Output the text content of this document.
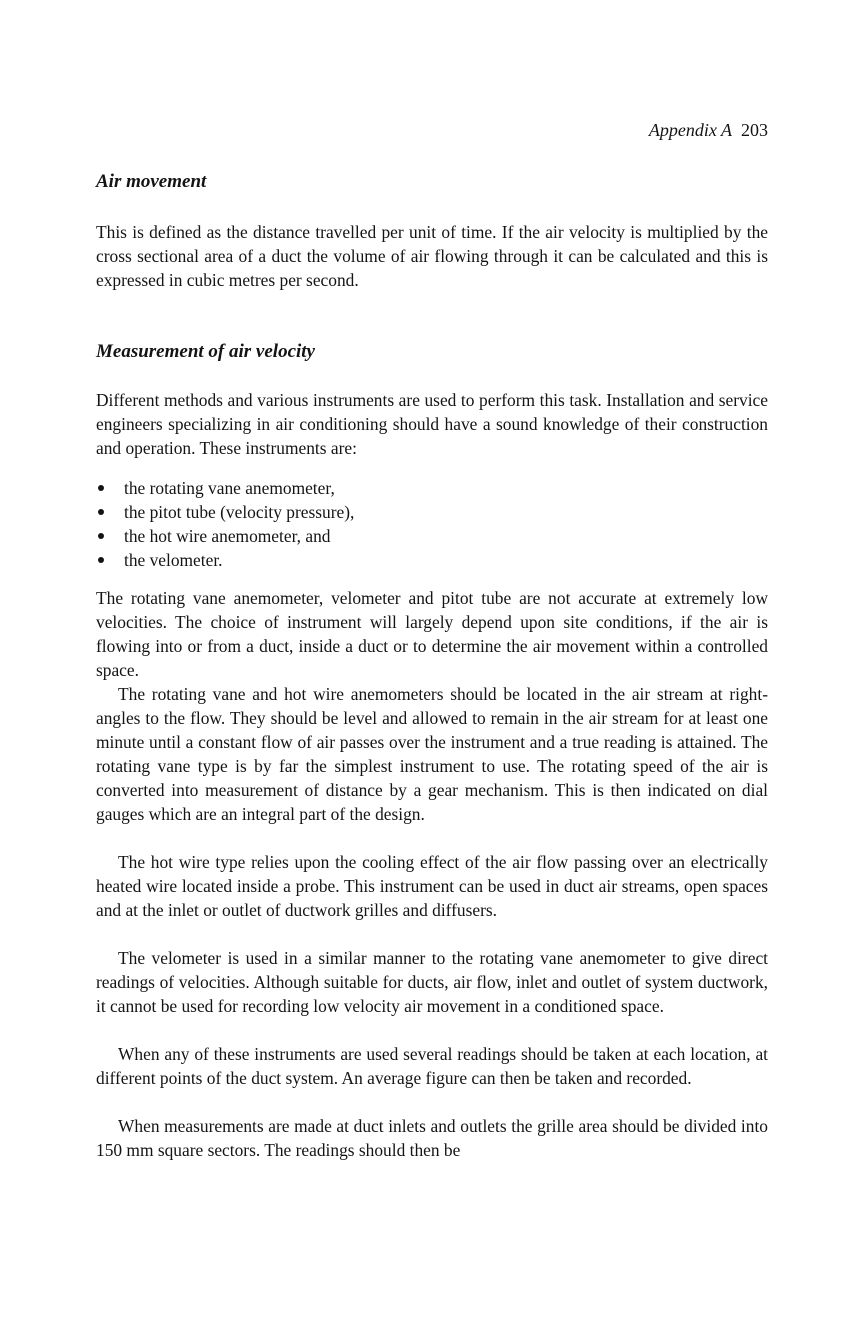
Appendix A 203
Air movement

This is defined as the distance travelled per unit of time. If the air velocity is multiplied by the cross sectional area of a duct the volume of air flowing through it can be calculated and this is expressed in cubic metres per second.

Measurement of air velocity

Different methods and various instruments are used to perform this task. Installation and service engineers specializing in air conditioning should have a sound knowledge of their construction and operation. These instruments are:

the rotating vane anemometer,
the pitot tube (velocity pressure),
the hot wire anemometer, and
the velometer.

The rotating vane anemometer, velometer and pitot tube are not accurate at extremely low velocities. The choice of instrument will largely depend upon site conditions, if the air is flowing into or from a duct, inside a duct or to determine the air movement within a controlled space.

The rotating vane and hot wire anemometers should be located in the air stream at right-angles to the flow. They should be level and allowed to remain in the air stream for at least one minute until a constant flow of air passes over the instrument and a true reading is attained. The rotating vane type is by far the simplest instrument to use. The rotating speed of the air is converted into measurement of distance by a gear mechanism. This is then indicated on dial gauges which are an integral part of the design.

The hot wire type relies upon the cooling effect of the air flow passing over an electrically heated wire located inside a probe. This instrument can be used in duct air streams, open spaces and at the inlet or outlet of ductwork grilles and diffusers.

The velometer is used in a similar manner to the rotating vane anemometer to give direct readings of velocities. Although suitable for ducts, air flow, inlet and outlet of system ductwork, it cannot be used for recording low velocity air movement in a conditioned space.

When any of these instruments are used several readings should be taken at each location, at different points of the duct system. An average figure can then be taken and recorded.

When measurements are made at duct inlets and outlets the grille area should be divided into 150 mm square sectors. The readings should then be
